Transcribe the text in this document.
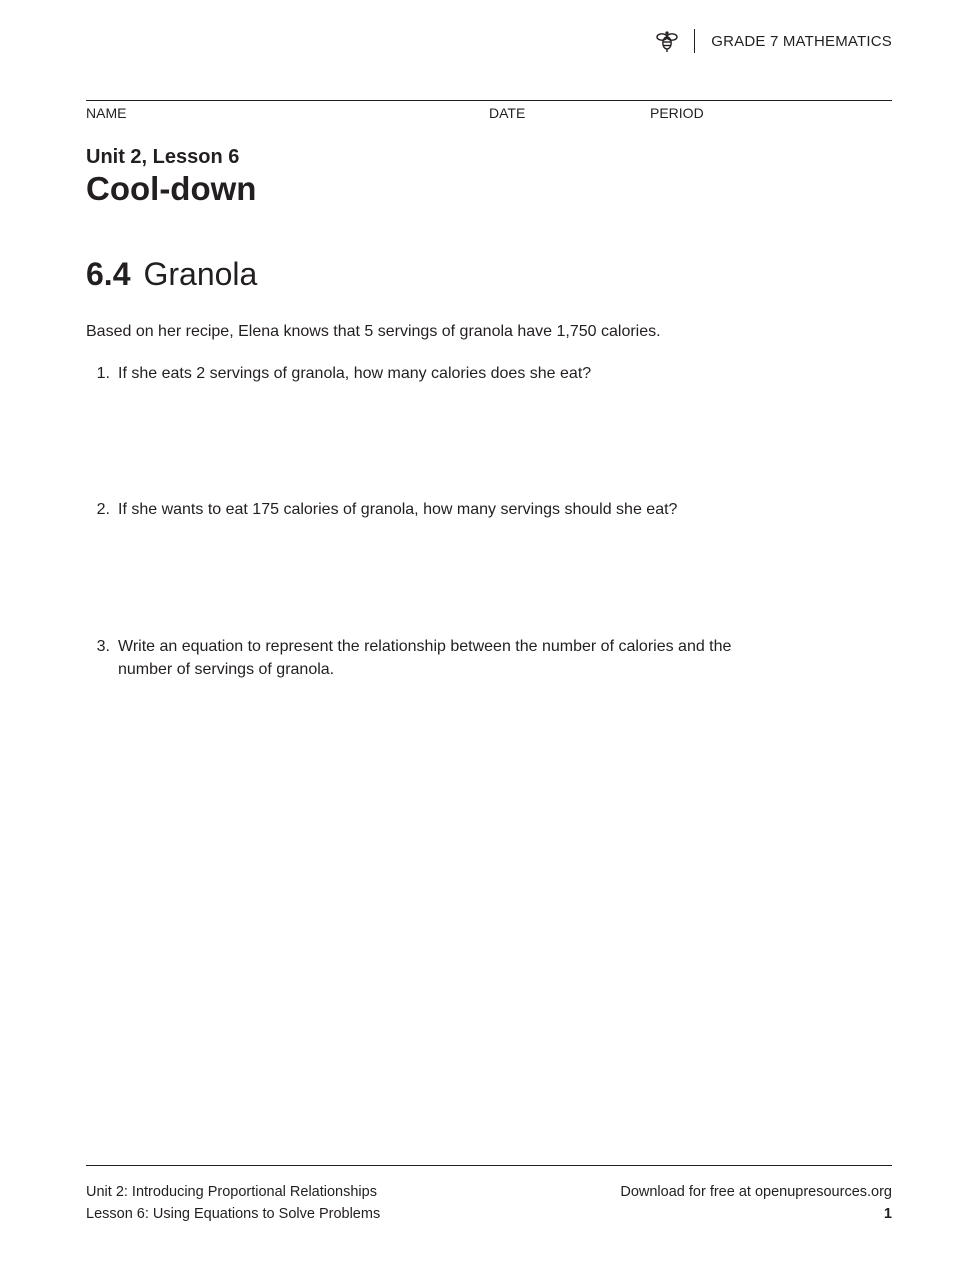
GRADE 7 MATHEMATICS
NAME	DATE	PERIOD
Unit 2, Lesson 6
Cool-down
6.4 Granola
Based on her recipe, Elena knows that 5 servings of granola have 1,750 calories.
1. If she eats 2 servings of granola, how many calories does she eat?
2. If she wants to eat 175 calories of granola, how many servings should she eat?
3. Write an equation to represent the relationship between the number of calories and the number of servings of granola.
Unit 2: Introducing Proportional Relationships
Lesson 6: Using Equations to Solve Problems
Download for free at openupresources.org
1
